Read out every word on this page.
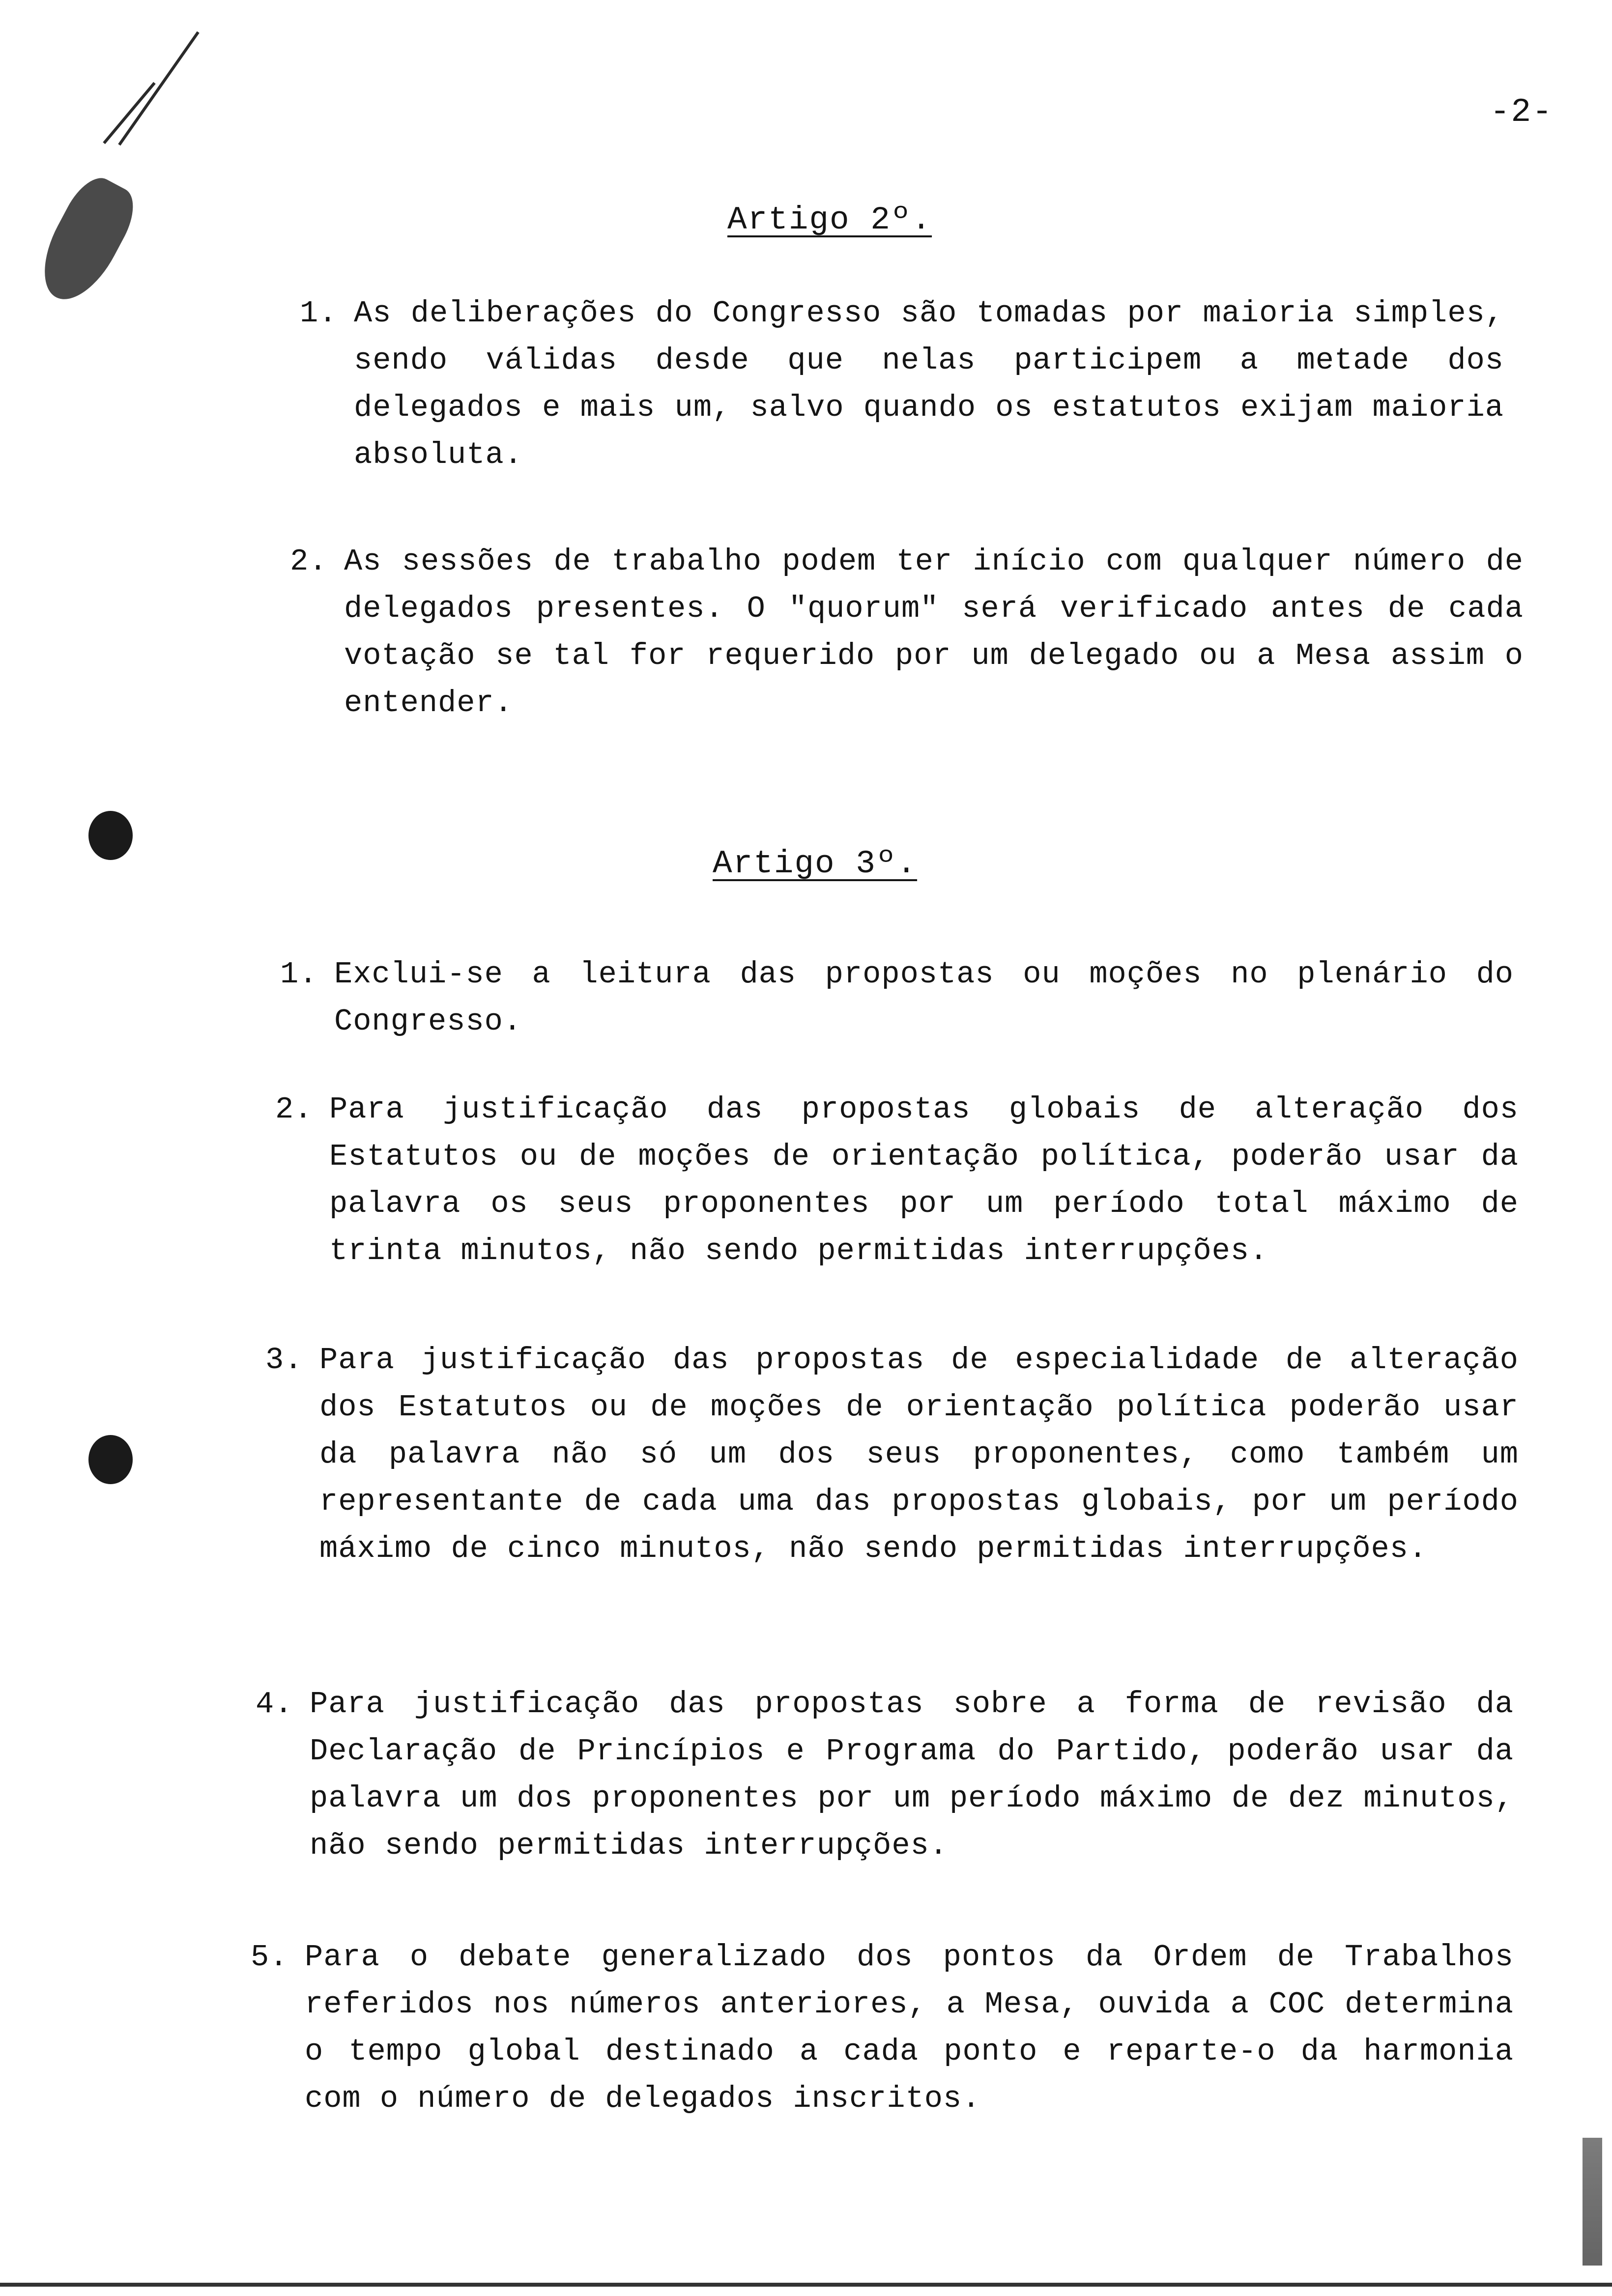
-2-
Artigo 2º.
1. As deliberações do Congresso são tomadas por maioria simples, sendo válidas desde que nelas participem a metade dos delegados e mais um, salvo quando os estatutos exijam maioria absoluta.
2. As sessões de trabalho podem ter início com qualquer número de delegados presentes. O "quorum" será verificado antes de cada votação se tal for requerido por um delegado ou a Mesa assim o entender.
Artigo 3º.
1. Exclui-se a leitura das propostas ou moções no plenário do Congresso.
2. Para justificação das propostas globais de alteração dos Estatutos ou de moções de orientação política, poderão usar da palavra os seus proponentes por um período total máximo de trinta minutos, não sendo permitidas interrupções.
3. Para justificação das propostas de especialidade de alteração dos Estatutos ou de moções de orientação política poderão usar da palavra não só um dos seus proponentes, como também um representante de cada uma das propostas globais, por um período máximo de cinco minutos, não sendo permitidas interrupções.
4. Para justificação das propostas sobre a forma de revisão da Declaração de Princípios e Programa do Partido, poderão usar da palavra um dos proponentes por um período máximo de dez minutos, não sendo permitidas interrupções.
5. Para o debate generalizado dos pontos da Ordem de Trabalhos referidos nos números anteriores, a Mesa, ouvida a COC determina o tempo global destinado a cada ponto e reparte-o da harmonia com o número de delegados inscritos.
